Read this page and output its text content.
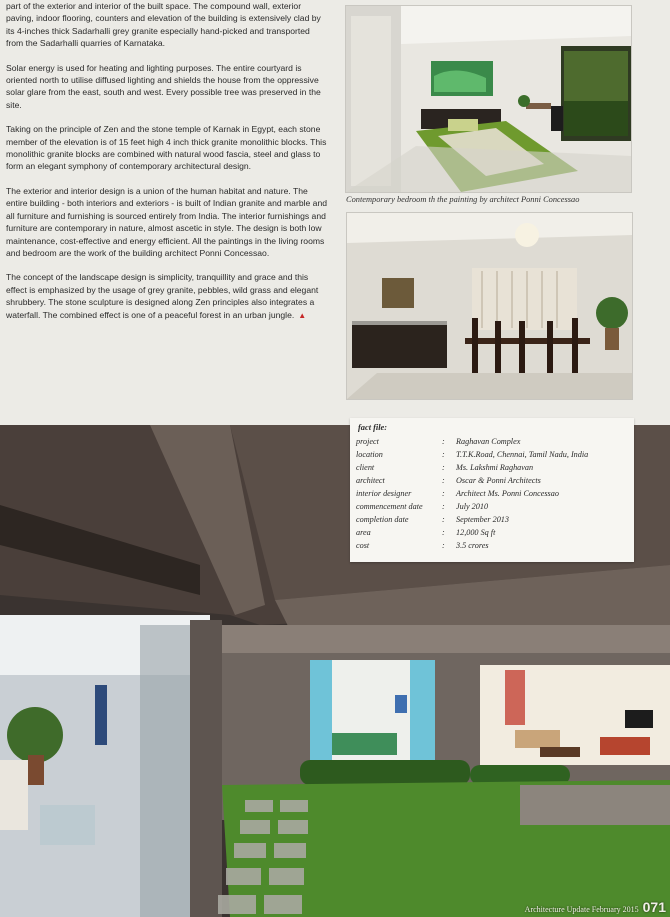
part of the exterior and interior of the built space. The compound wall, exterior paving, indoor flooring, counters and elevation of the building is extensively clad by its 4-inches thick Sadarhalli grey granite especially hand-picked and transported from the Sadarhalli quarries of Karnataka.

Solar energy is used for heating and lighting purposes. The entire courtyard is oriented north to utilise diffused lighting and shields the house from the oppressive solar glare from the east, south and west. Every possible tree was preserved in the site.

Taking on the principle of Zen and the stone temple of Karnak in Egypt, each stone member of the elevation is of 15 feet high 4 inch thick granite monolithic blocks. This monolithic granite blocks are combined with natural wood fascia, steel and glass to form an elegant symphony of contemporary architectural design.

The exterior and interior design is a union of the human habitat and nature. The entire building - both interiors and exteriors - is built of Indian granite and marble and all furniture and furnishing is sourced entirely from India. The interior furnishings and furniture are contemporary in nature, almost ascetic in style. The design is both low maintenance, cost-effective and energy efficient. All the paintings in the living rooms and bedroom are the work of the building architect Ponni Concessao.

The concept of the landscape design is simplicity, tranquillity and grace and this effect is emphasized by the usage of grey granite, pebbles, wild grass and elegant shrubbery. The stone sculpture is designed along Zen principles also integrates a waterfall. The combined effect is one of a peaceful forest in an urban jungle. ▲

Contemporary bedroom th the painting by architect Ponni Concessao
fact file:
project	: Raghavan Complex
location	: T.T.K.Road, Chennai, Tamil Nadu, India
client	: Ms. Lakshmi Raghavan
architect	: Oscar & Ponni Architects
interior designer	: Architect Ms. Ponni Concessao
commencement date : July 2010
completion date	: September 2013
area	: 12,000 Sq ft
cost	: 3.5 crores
Architecture Update February 2015 071
